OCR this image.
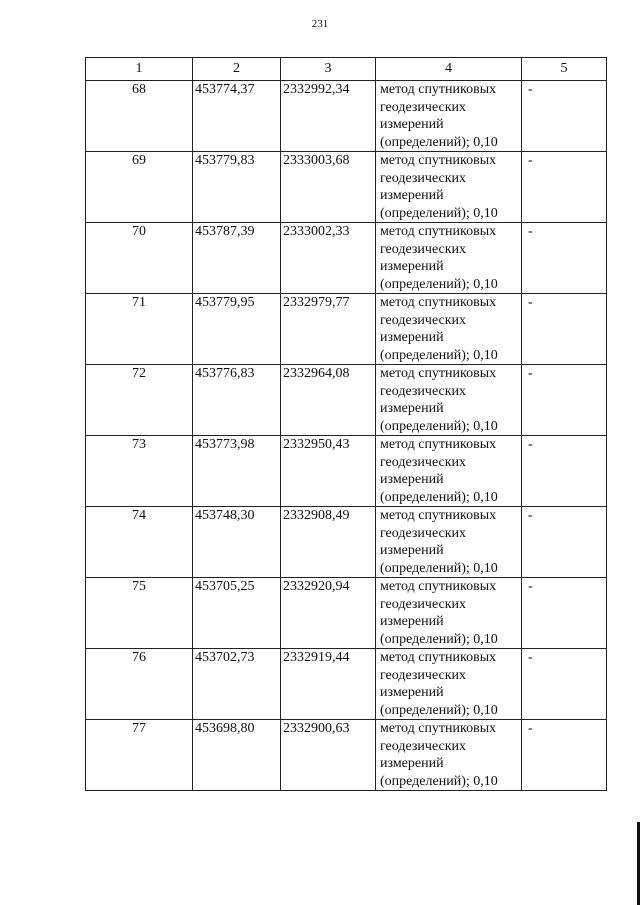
231
1	2	3	4	5
68	453774,37	2332992,34	метод спутниковых геодезических измерений (определений); 0,10	-
69	453779,83	2333003,68	метод спутниковых геодезических измерений (определений); 0,10	-
70	453787,39	2333002,33	метод спутниковых геодезических измерений (определений); 0,10	-
71	453779,95	2332979,77	метод спутниковых геодезических измерений (определений); 0,10	-
72	453776,83	2332964,08	метод спутниковых геодезических измерений (определений); 0,10	-
73	453773,98	2332950,43	метод спутниковых геодезических измерений (определений); 0,10	-
74	453748,30	2332908,49	метод спутниковых геодезических измерений (определений); 0,10	-
75	453705,25	2332920,94	метод спутниковых геодезических измерений (определений); 0,10	-
76	453702,73	2332919,44	метод спутниковых геодезических измерений (определений); 0,10	-
77	453698,80	2332900,63	метод спутниковых геодезических измерений (определений); 0,10	-
